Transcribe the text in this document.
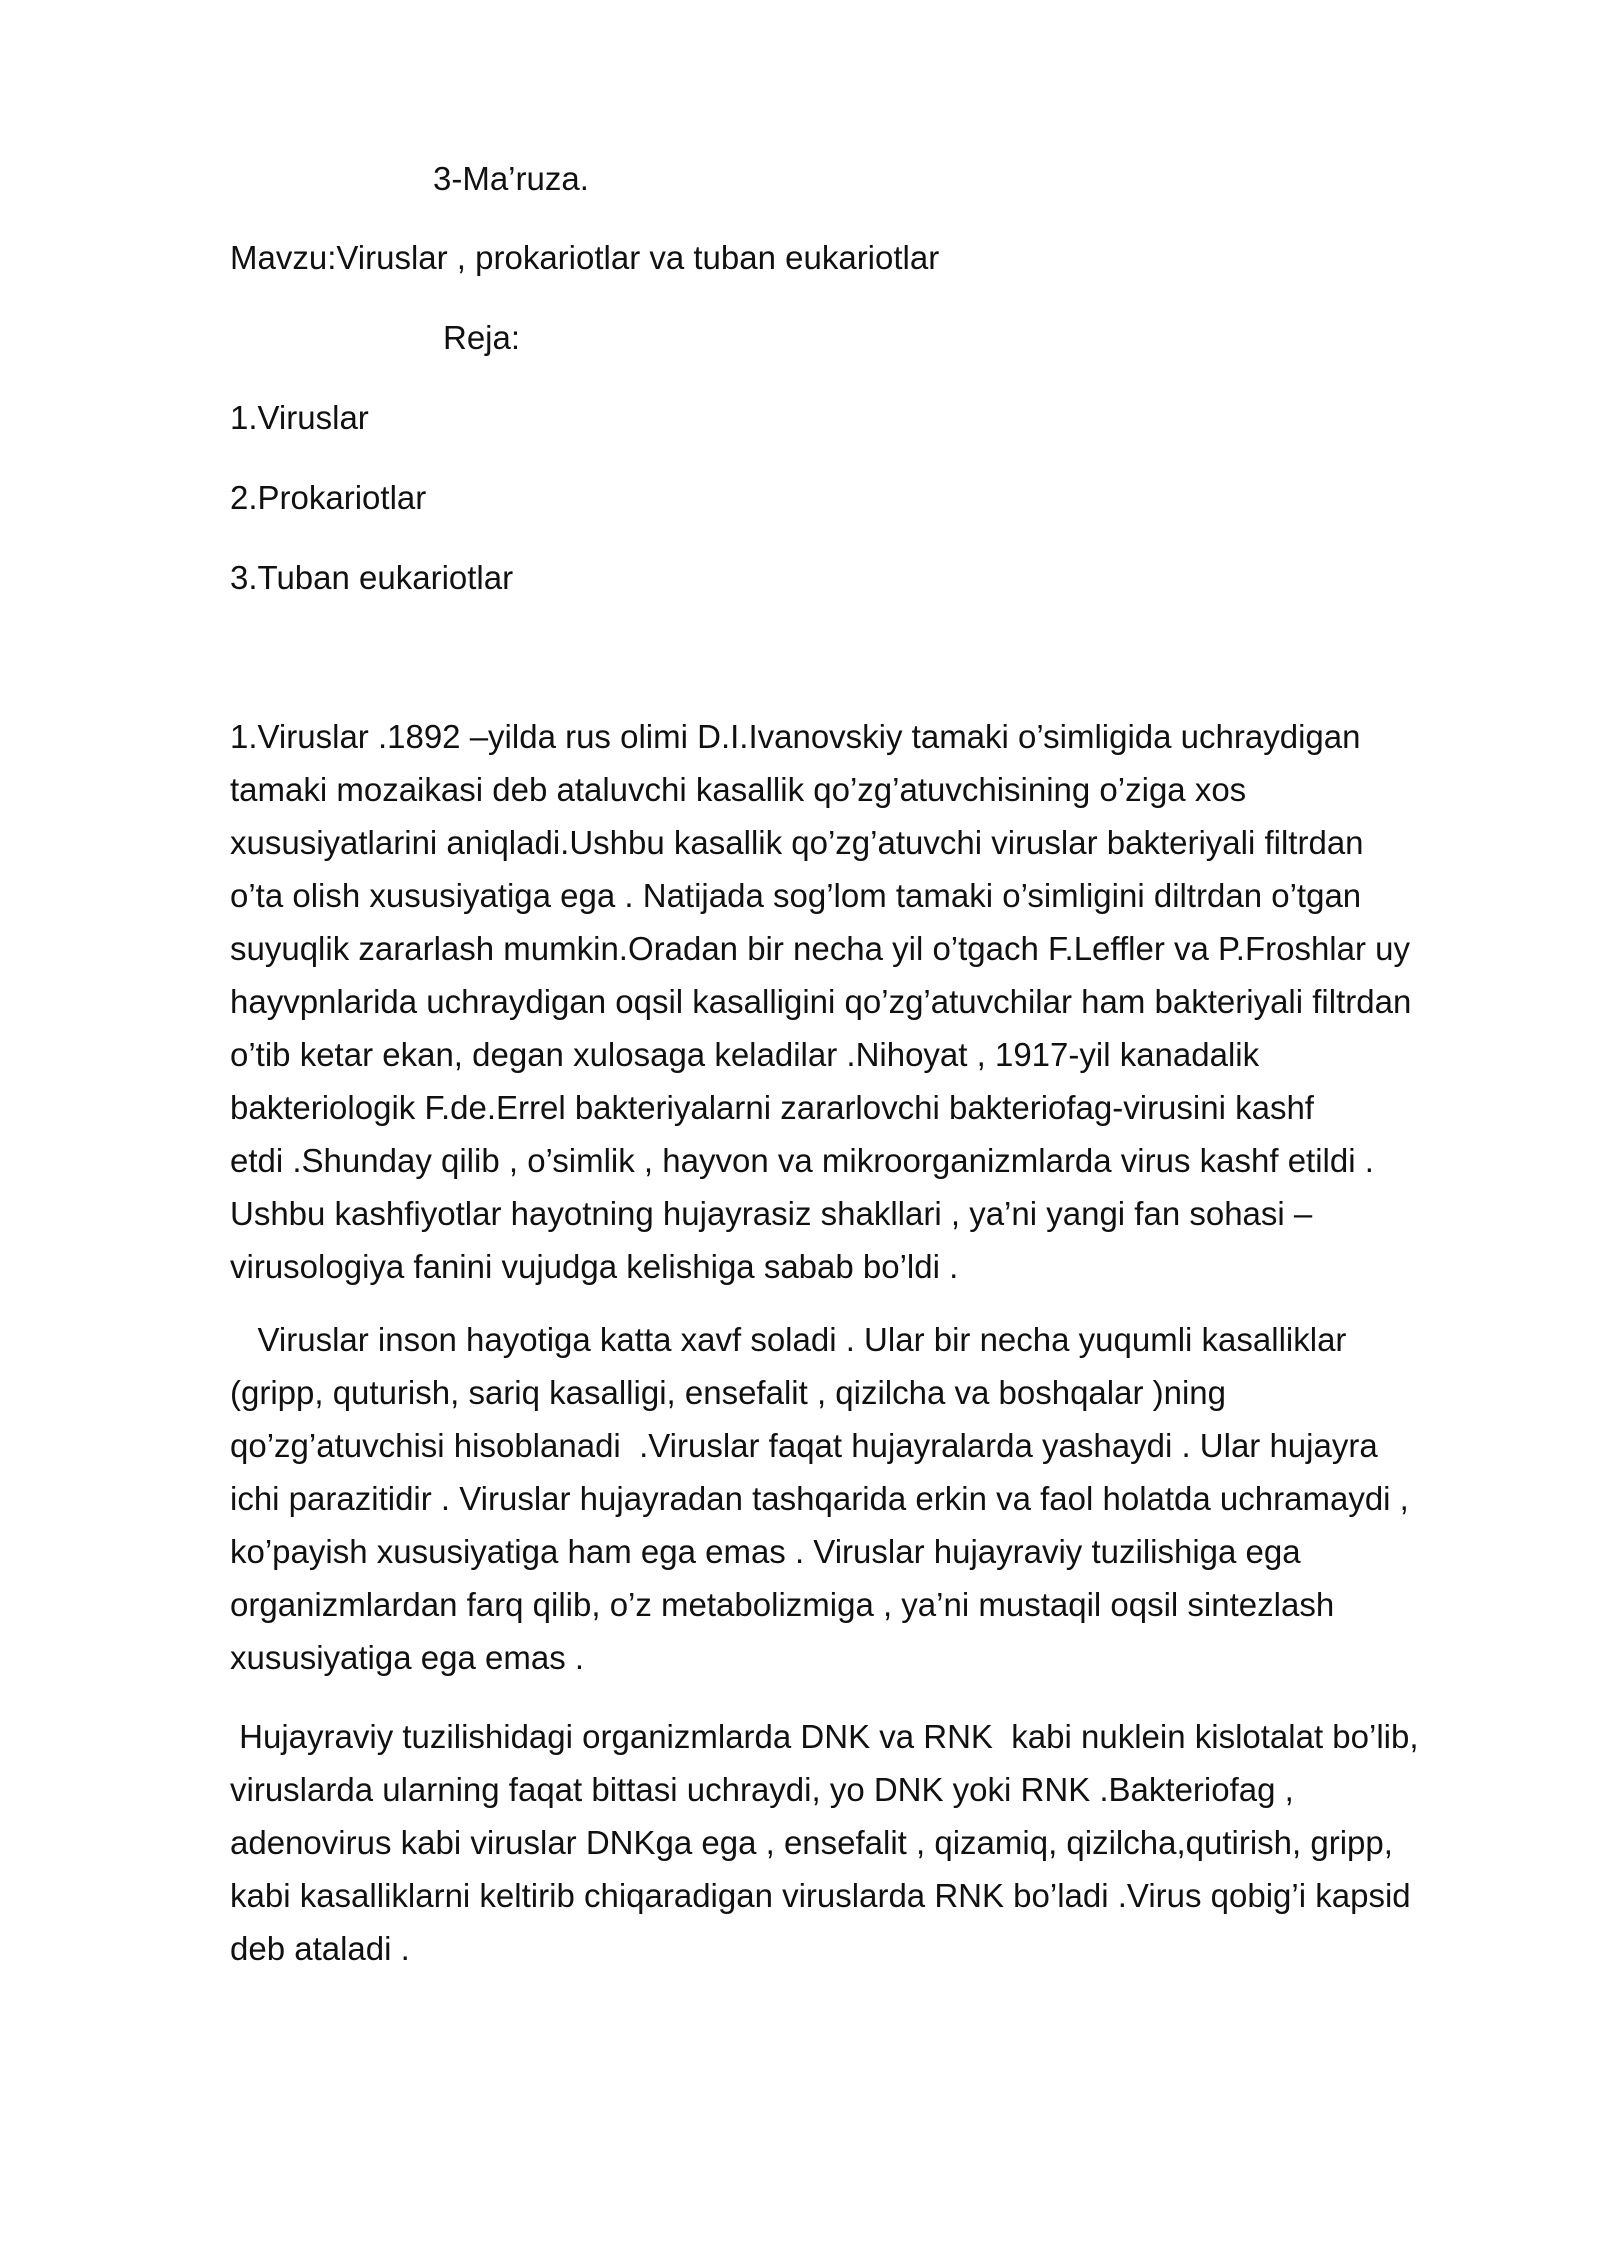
3-Ma’ruza.

Mavzu:Viruslar , prokariotlar va tuban eukariotlar

Reja:

1.Viruslar

2.Prokariotlar

3.Tuban eukariotlar

1.Viruslar .1892 –yilda rus olimi D.I.Ivanovskiy tamaki o’simligida uchraydigan
tamaki mozaikasi deb ataluvchi kasallik qo’zg’atuvchisining o’ziga xos
xususiyatlarini aniqladi.Ushbu kasallik qo’zg’atuvchi viruslar bakteriyali filtrdan
o’ta olish xususiyatiga ega . Natijada sog’lom tamaki o’simligini diltrdan o’tgan
suyuqlik zararlash mumkin.Oradan bir necha yil o’tgach F.Leffler va P.Froshlar uy
hayvpnlarida uchraydigan oqsil kasalligini qo’zg’atuvchilar ham bakteriyali filtrdan
o’tib ketar ekan, degan xulosaga keladilar .Nihoyat , 1917-yil kanadalik
bakteriologik F.de.Errel bakteriyalarni zararlovchi bakteriofag-virusini kashf
etdi .Shunday qilib , o’simlik , hayvon va mikroorganizmlarda virus kashf etildi .
Ushbu kashfiyotlar hayotning hujayrasiz shakllari , ya’ni yangi fan sohasi –
virusologiya fanini vujudga kelishiga sabab bo’ldi .
Viruslar inson hayotiga katta xavf soladi . Ular bir necha yuqumli kasalliklar
(gripp, quturish, sariq kasalligi, ensefalit , qizilcha va boshqalar )ning
qo’zg’atuvchisi hisoblanadi  .Viruslar faqat hujayralarda yashaydi . Ular hujayra
ichi parazitidir . Viruslar hujayradan tashqarida erkin va faol holatda uchramaydi ,
ko’payish xususiyatiga ham ega emas . Viruslar hujayraviy tuzilishiga ega
organizmlardan farq qilib, o’z metabolizmiga , ya’ni mustaqil oqsil sintezlash
xususiyatiga ega emas .
Hujayraviy tuzilishidagi organizmlarda DNK va RNK  kabi nuklein kislotalat bo’lib,
viruslarda ularning faqat bittasi uchraydi, yo DNK yoki RNK .Bakteriofag ,
adenovirus kabi viruslar DNKga ega , ensefalit , qizamiq, qizilcha,qutirish, gripp,
kabi kasalliklarni keltirib chiqaradigan viruslarda RNK bo’ladi .Virus qobig’i kapsid
deb ataladi .
